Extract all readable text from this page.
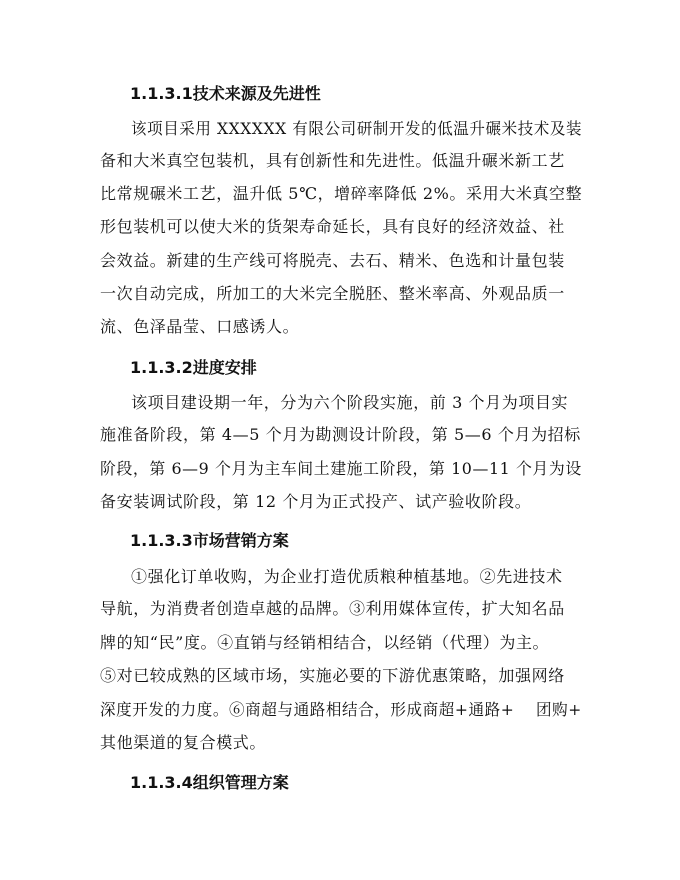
1.1.3.1技术来源及先进性
该项目采用 XXXXXX 有限公司研制开发的低温升碾米技术及装
备和大米真空包装机，具有创新性和先进性。低温升碾米新工艺
比常规碾米工艺，温升低 5℃，增碎率降低 2%。采用大米真空整
形包装机可以使大米的货架寿命延长，具有良好的经济效益、社
会效益。新建的生产线可将脱壳、去石、精米、色选和计量包装
一次自动完成，所加工的大米完全脱胚、整米率高、外观品质一
流、色泽晶莹、口感诱人。
1.1.3.2进度安排
该项目建设期一年，分为六个阶段实施，前 3 个月为项目实
施准备阶段，第 4—5 个月为勘测设计阶段，第 5—6 个月为招标
阶段，第 6—9 个月为主车间土建施工阶段，第 10—11 个月为设
备安装调试阶段，第 12 个月为正式投产、试产验收阶段。
1.1.3.3市场营销方案
①强化订单收购，为企业打造优质粮种植基地。②先进技术
导航，为消费者创造卓越的品牌。③利用媒体宣传，扩大知名品
牌的知“民”度。④直销与经销相结合，以经销（代理）为主。
⑤对已较成熟的区域市场，实施必要的下游优惠策略，加强网络
深度开发的力度。⑥商超与通路相结合，形成商超+通路+　 团购+
其他渠道的复合模式。
1.1.3.4组织管理方案
